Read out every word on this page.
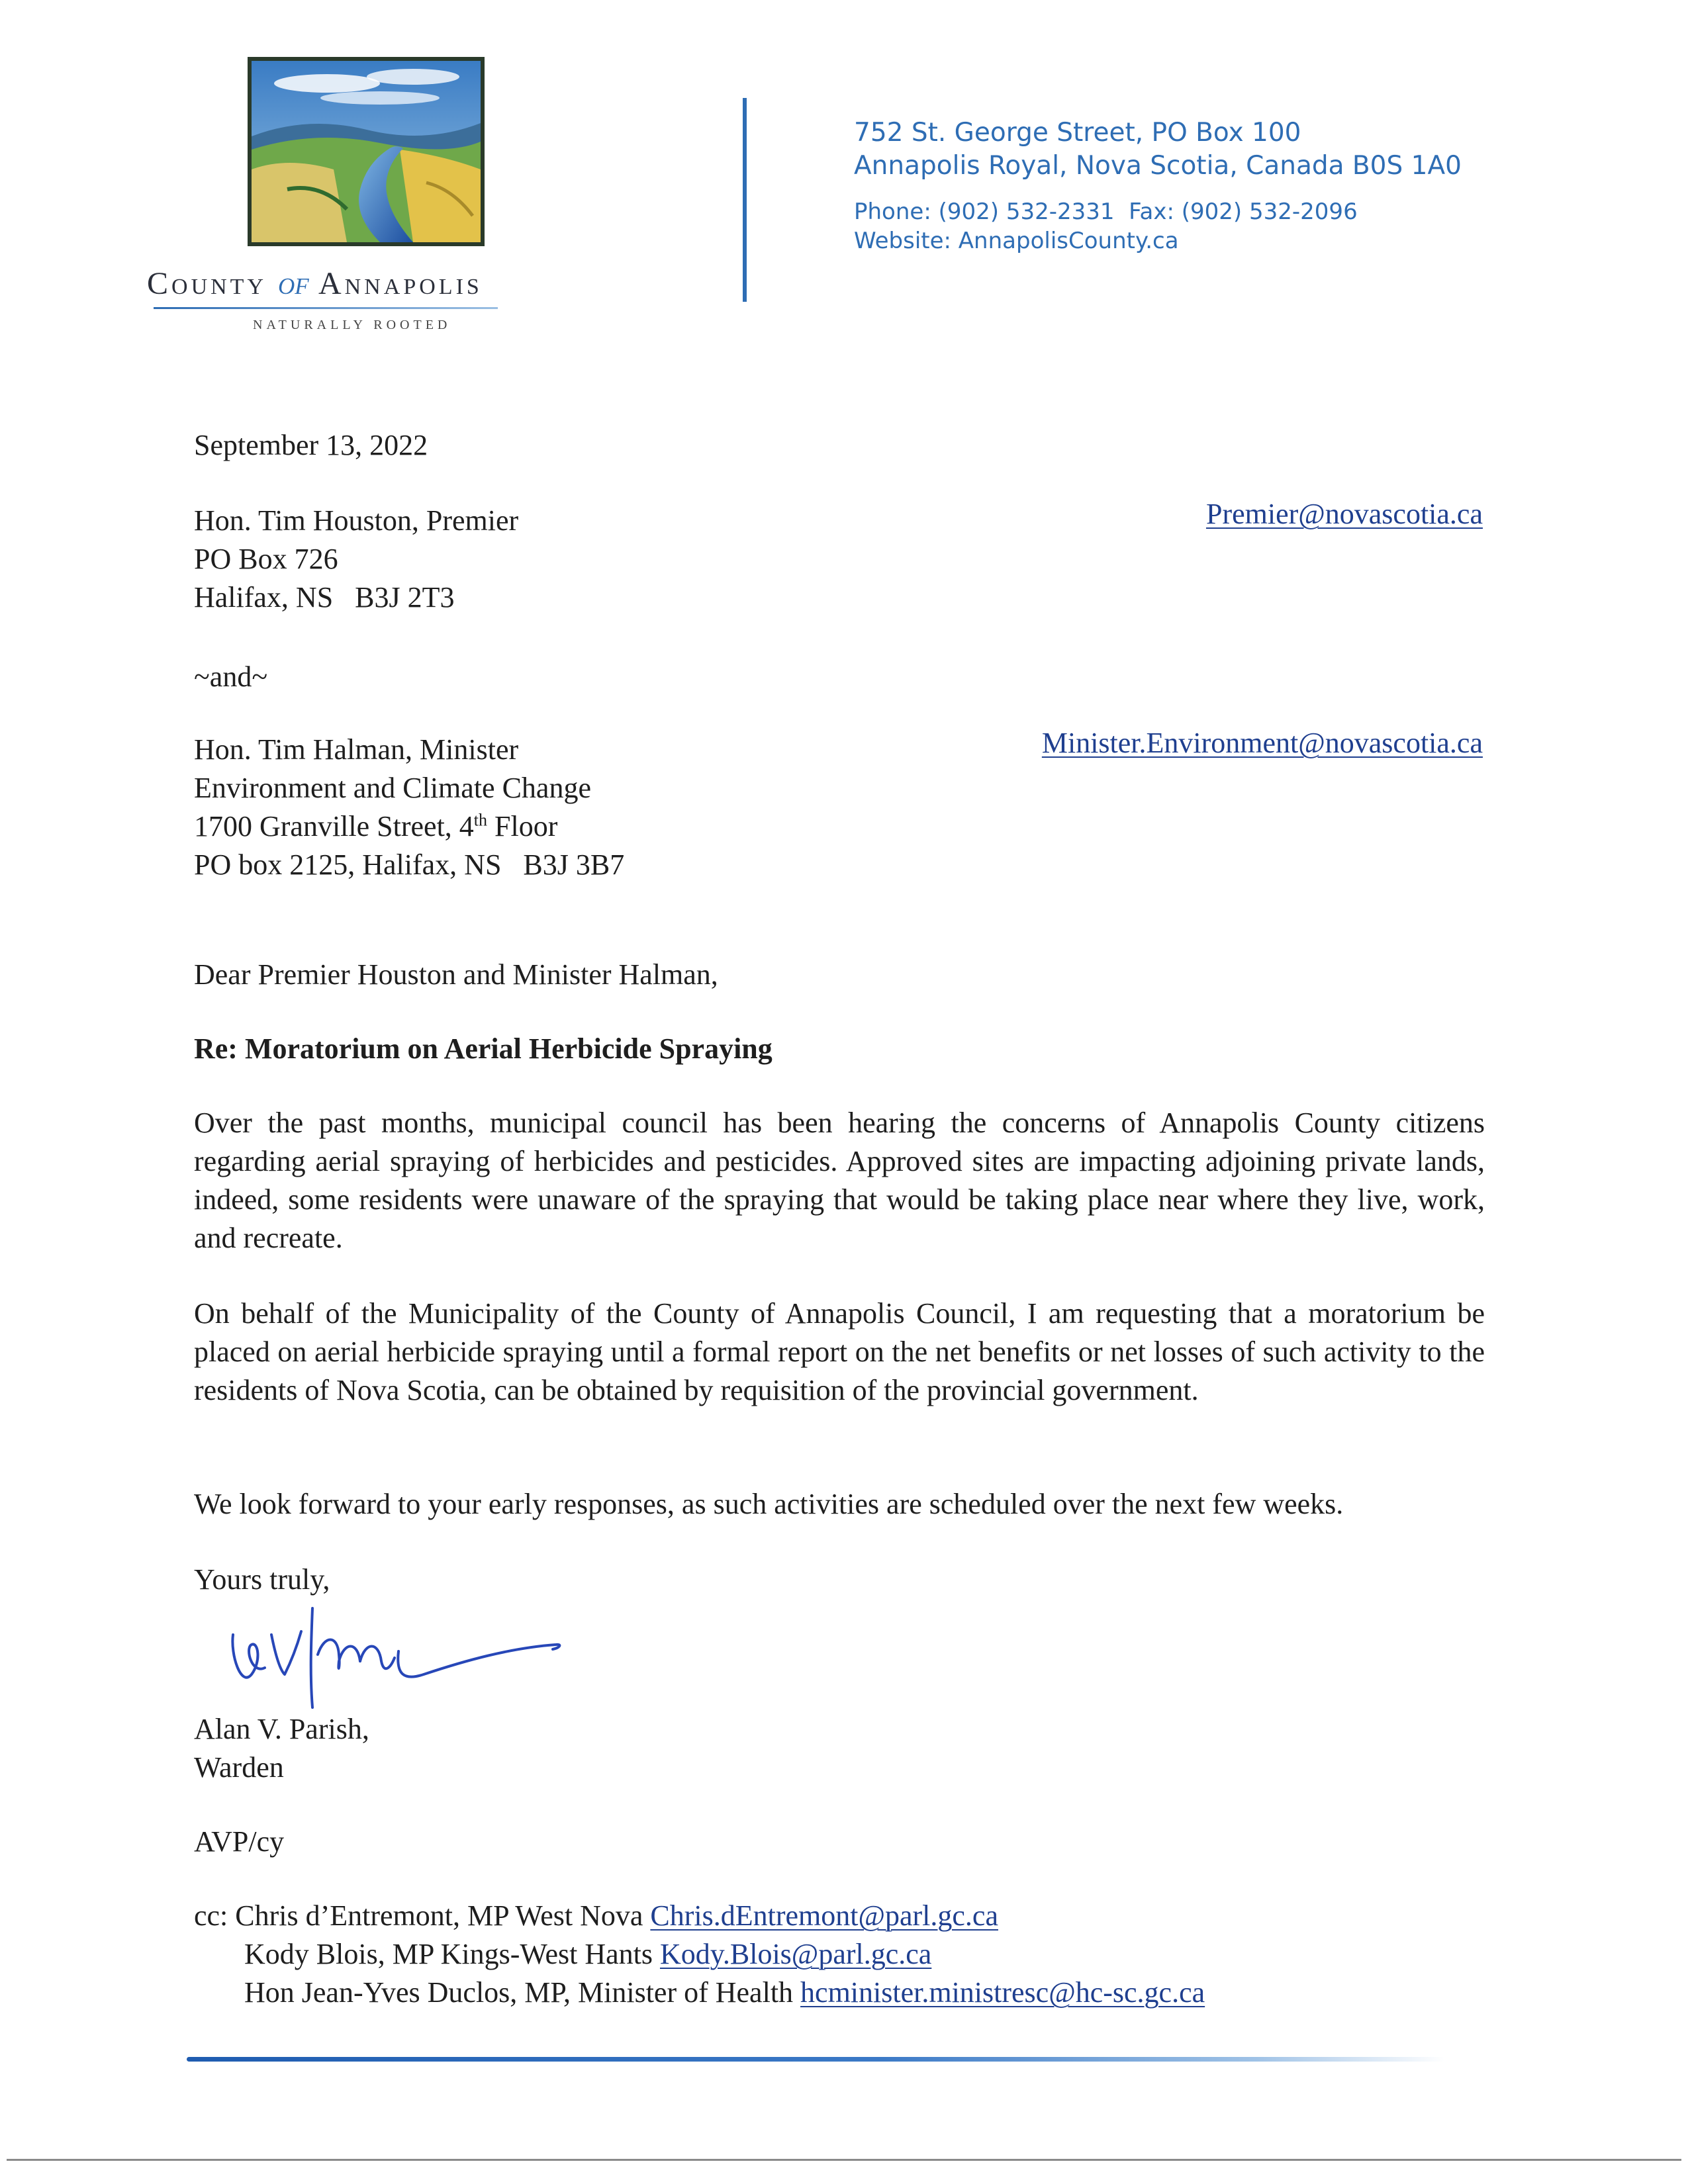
County of Annapolis
NATURALLY ROOTED
752 St. George Street, PO Box 100
Annapolis Royal, Nova Scotia, Canada B0S 1A0
Phone: (902) 532-2331  Fax: (902) 532-2096
Website: AnnapolisCounty.ca
September 13, 2022
Hon. Tim Houston, Premier
PO Box 726
Halifax, NS   B3J 2T3
Premier@novascotia.ca
~and~
Hon. Tim Halman, Minister
Environment and Climate Change
1700 Granville Street, 4th Floor
PO box 2125, Halifax, NS   B3J 3B7
Minister.Environment@novascotia.ca
Dear Premier Houston and Minister Halman,
Re: Moratorium on Aerial Herbicide Spraying

Over the past months, municipal council has been hearing the concerns of Annapolis County citizens regarding aerial spraying of herbicides and pesticides. Approved sites are impacting adjoining private lands, indeed, some residents were unaware of the spraying that would be taking place near where they live, work, and recreate.

On behalf of the Municipality of the County of Annapolis Council, I am requesting that a moratorium be placed on aerial herbicide spraying until a formal report on the net benefits or net losses of such activity to the residents of Nova Scotia, can be obtained by requisition of the provincial government.

We look forward to your early responses, as such activities are scheduled over the next few weeks.

Yours truly,
Alan V. Parish,
Warden
AVP/cy
cc: Chris d’Entremont, MP West Nova Chris.dEntremont@parl.gc.ca
Kody Blois, MP Kings-West Hants Kody.Blois@parl.gc.ca
Hon Jean-Yves Duclos, MP, Minister of Health hcminister.ministresc@hc-sc.gc.ca
